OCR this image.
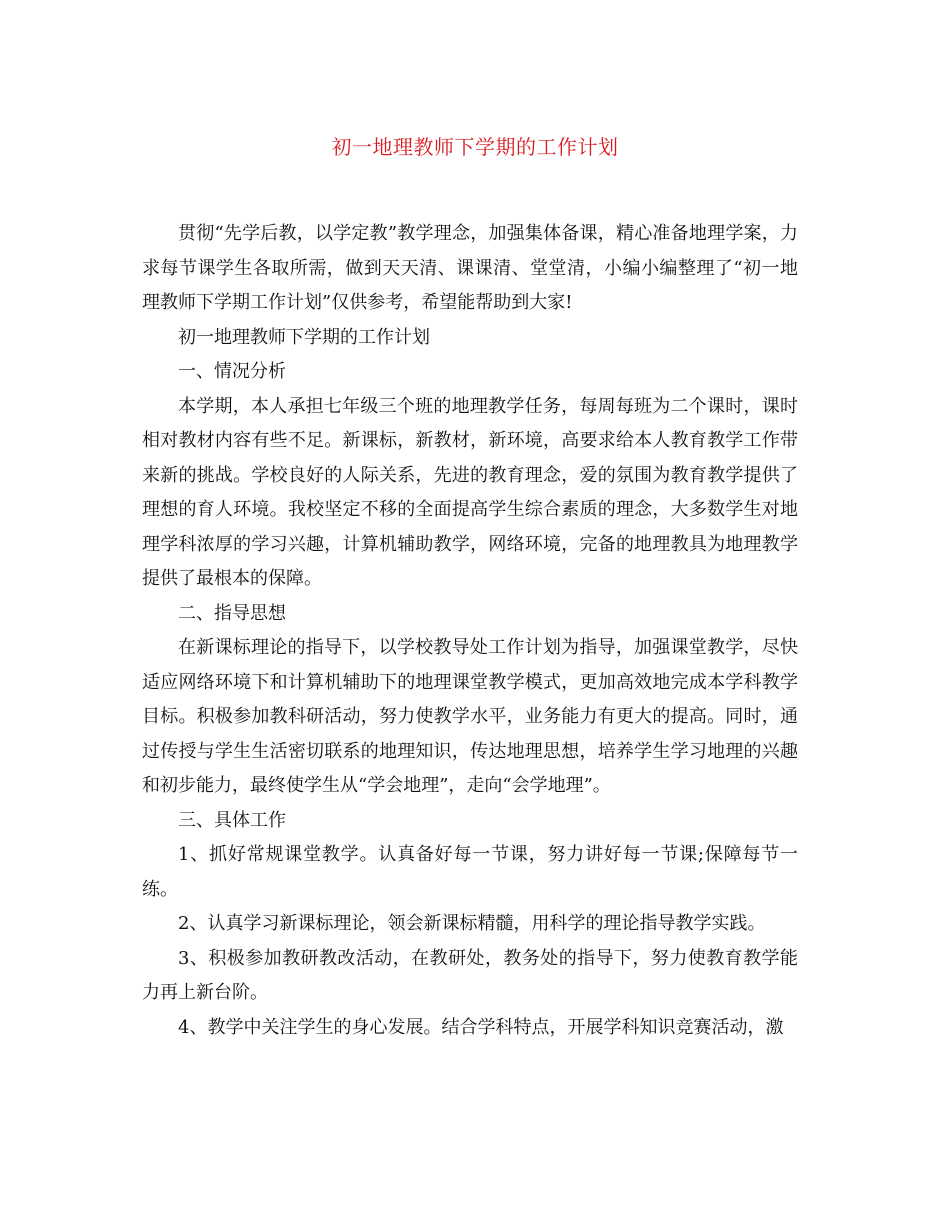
初一地理教师下学期的工作计划

贯彻“先学后教，以学定教”教学理念，加强集体备课，精心准备地理学案，力求每节课学生各取所需，做到天天清、课课清、堂堂清，小编小编整理了“初一地理教师下学期工作计划”仅供参考，希望能帮助到大家!

初一地理教师下学期的工作计划

一、情况分析

本学期，本人承担七年级三个班的地理教学任务，每周每班为二个课时，课时相对教材内容有些不足。新课标，新教材，新环境，高要求给本人教育教学工作带来新的挑战。学校良好的人际关系，先进的教育理念，爱的氛围为教育教学提供了理想的育人环境。我校坚定不移的全面提高学生综合素质的理念，大多数学生对地理学科浓厚的学习兴趣，计算机辅助教学，网络环境，完备的地理教具为地理教学提供了最根本的保障。

二、指导思想

在新课标理论的指导下，以学校教导处工作计划为指导，加强课堂教学，尽快适应网络环境下和计算机辅助下的地理课堂教学模式，更加高效地完成本学科教学目标。积极参加教科研活动，努力使教学水平，业务能力有更大的提高。同时，通过传授与学生生活密切联系的地理知识，传达地理思想，培养学生学习地理的兴趣和初步能力，最终使学生从“学会地理”，走向“会学地理”。

三、具体工作

1、抓好常规课堂教学。认真备好每一节课，努力讲好每一节课;保障每节一练。

2、认真学习新课标理论，领会新课标精髓，用科学的理论指导教学实践。

3、积极参加教研教改活动，在教研处，教务处的指导下，努力使教育教学能力再上新台阶。

4、教学中关注学生的身心发展。结合学科特点，开展学科知识竞赛活动，激
